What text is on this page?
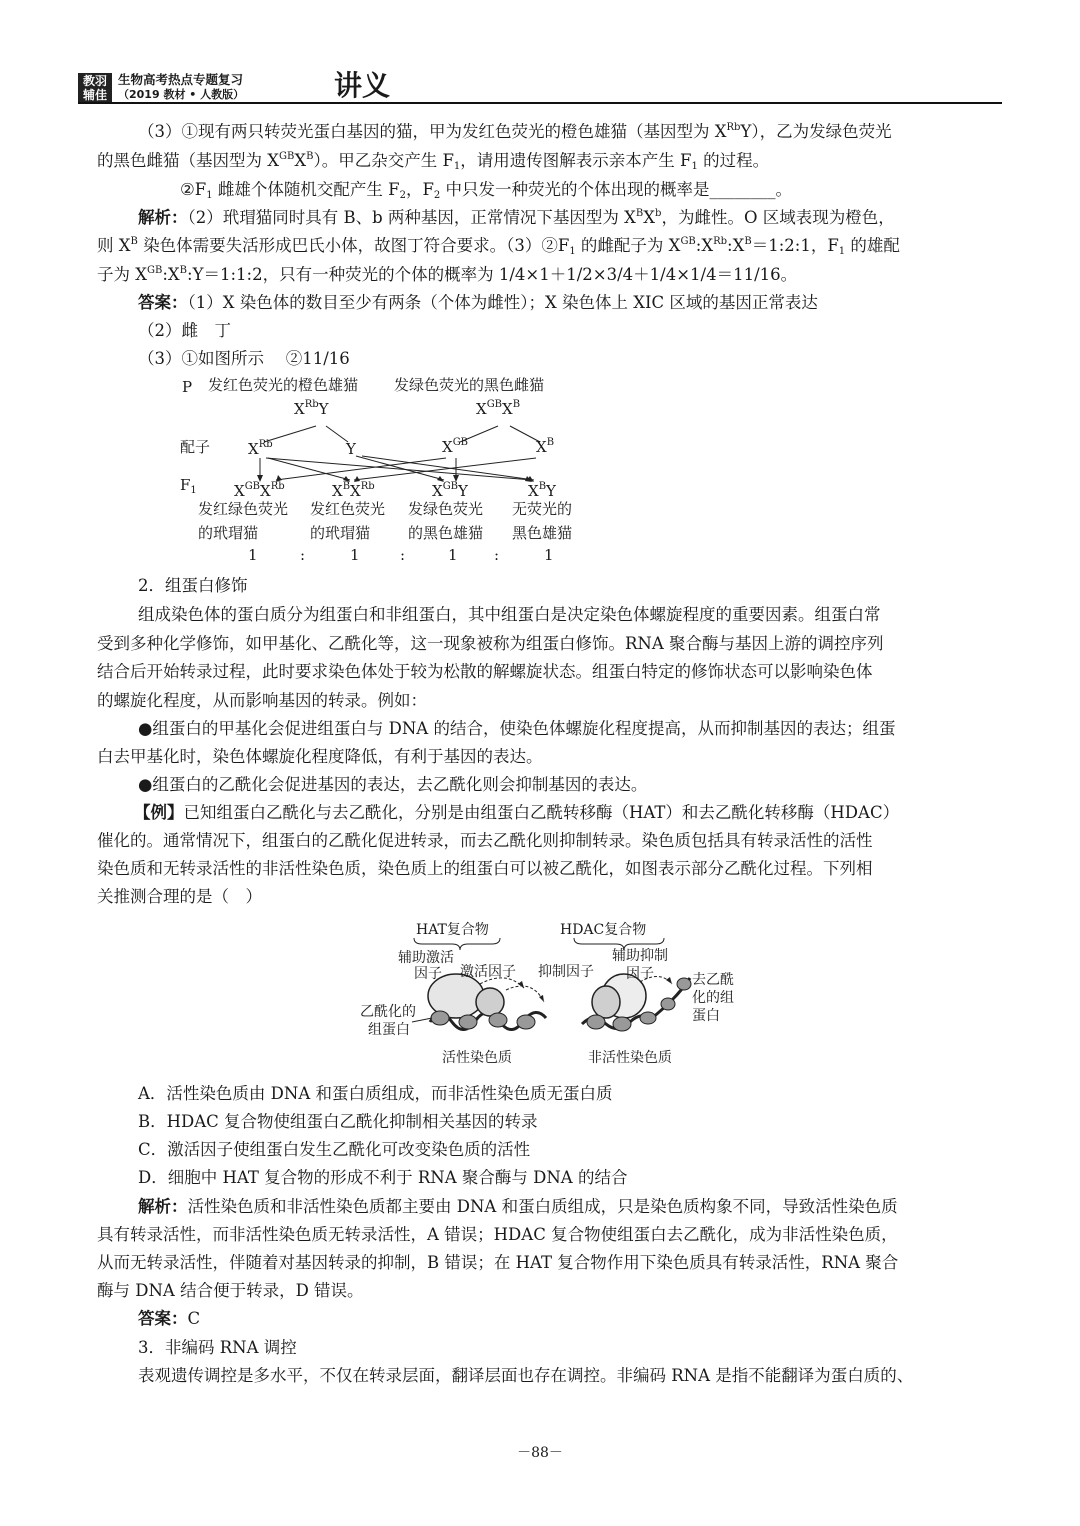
教羽
辅佳
生物高考热点专题复习
（2019 教材 • 人教版）	讲义
（3）①现有两只转荧光蛋白基因的猫，甲为发红色荧光的橙色雄猫（基因型为 $X^{Rb}Y$），乙为发绿色荧光
的黑色雌猫（基因型为 $X^{GB}X^B$）。甲乙杂交产生 $F_1$，请用遗传图解表示亲本产生 $F_1$ 的过程。
$②F_1$ 雌雄个体随机交配产生 $F_2$，$F_2$ 中只发一种荧光的个体出现的概率是________。
解析：（2）玳瑁猫同时具有 B、b 两种基因，正常情况下基因型为 $X^BX^b$，为雌性。O 区域表现为橙色，
则 $X^B$ 染色体需要失活形成巴氏小体，故图丁符合要求。$(3)②F_1$ 的雌配子为 $X^{GB}:X^{Rb}:X^B=1:2:1$，$F_1$ 的雄配
子为 $X^{GB}:X^B:Y=1:1:2$，只有一种荧光的个体的概率为 1/4×1＋1/2×3/4＋1/4×1/4＝11/16。
答案：（1）X 染色体的数目至少有两条（个体为雌性）；X 染色体上 XIC 区域的基因正常表达
（2）雌　丁
（3）①如图所示　 ②11/16
P 发红色荧光的橙色雄猫 发绿色荧光的黑色雌猫
$X^{Rb}Y$	$X^{GB}X^B$
配子	$X^{Rb}$	Y	$X^{GB}$	$X^B$
$F_1$ $X^{GB}X^{Rb}$	$X^BX^{Rb}$	$X^{GB}Y$	$X^BY$
发红绿色荧光
的玳瑁猫
发红色荧光
的玳瑁猫
发绿色荧光
的黑色雄猫
无荧光的
黑色雄猫
1	:	1	:	1 :	1
2．组蛋白修饰
组成染色体的蛋白质分为组蛋白和非组蛋白，其中组蛋白是决定染色体螺旋程度的重要因素。组蛋白常
受到多种化学修饰，如甲基化、乙酰化等，这一现象被称为组蛋白修饰。RNA 聚合酶与基因上游的调控序列
结合后开始转录过程，此时要求染色体处于较为松散的解螺旋状态。组蛋白特定的修饰状态可以影响染色体
的螺旋化程度，从而影响基因的转录。例如：
●组蛋白的甲基化会促进组蛋白与 DNA 的结合，使染色体螺旋化程度提高，从而抑制基因的表达；组蛋
白去甲基化时，染色体螺旋化程度降低，有利于基因的表达。
●组蛋白的乙酰化会促进基因的表达，去乙酰化则会抑制基因的表达。
【例】已知组蛋白乙酰化与去乙酰化，分别是由组蛋白乙酰转移酶（HAT）和去乙酰化转移酶（HDAC）
催化的。通常情况下，组蛋白的乙酰化促进转录，而去乙酰化则抑制转录。染色质包括具有转录活性的活性
染色质和无转录活性的非活性染色质，染色质上的组蛋白可以被乙酰化，如图表示部分乙酰化过程。下列相
关推测合理的是（　）
HAT复合物	HDAC复合物
辅助激活
因子 激活因子 抑制因子
辅助抑制
因子
乙酰化的
组蛋白
去乙酰
化的组
蛋白
活性染色质	非活性染色质
A．活性染色质由 DNA 和蛋白质组成，而非活性染色质无蛋白质
B．HDAC 复合物使组蛋白乙酰化抑制相关基因的转录
C．激活因子使组蛋白发生乙酰化可改变染色质的活性
D．细胞中 HAT 复合物的形成不利于 RNA 聚合酶与 DNA 的结合
解析：活性染色质和非活性染色质都主要由 DNA 和蛋白质组成，只是染色质构象不同，导致活性染色质
具有转录活性，而非活性染色质无转录活性，A 错误；HDAC 复合物使组蛋白去乙酰化，成为非活性染色质，
从而无转录活性，伴随着对基因转录的抑制，B 错误；在 HAT 复合物作用下染色质具有转录活性，RNA 聚合
酶与 DNA 结合便于转录，D 错误。
答案：C
3．非编码 RNA 调控
表观遗传调控是多水平，不仅在转录层面，翻译层面也存在调控。非编码 RNA 是指不能翻译为蛋白质的、
－88－
